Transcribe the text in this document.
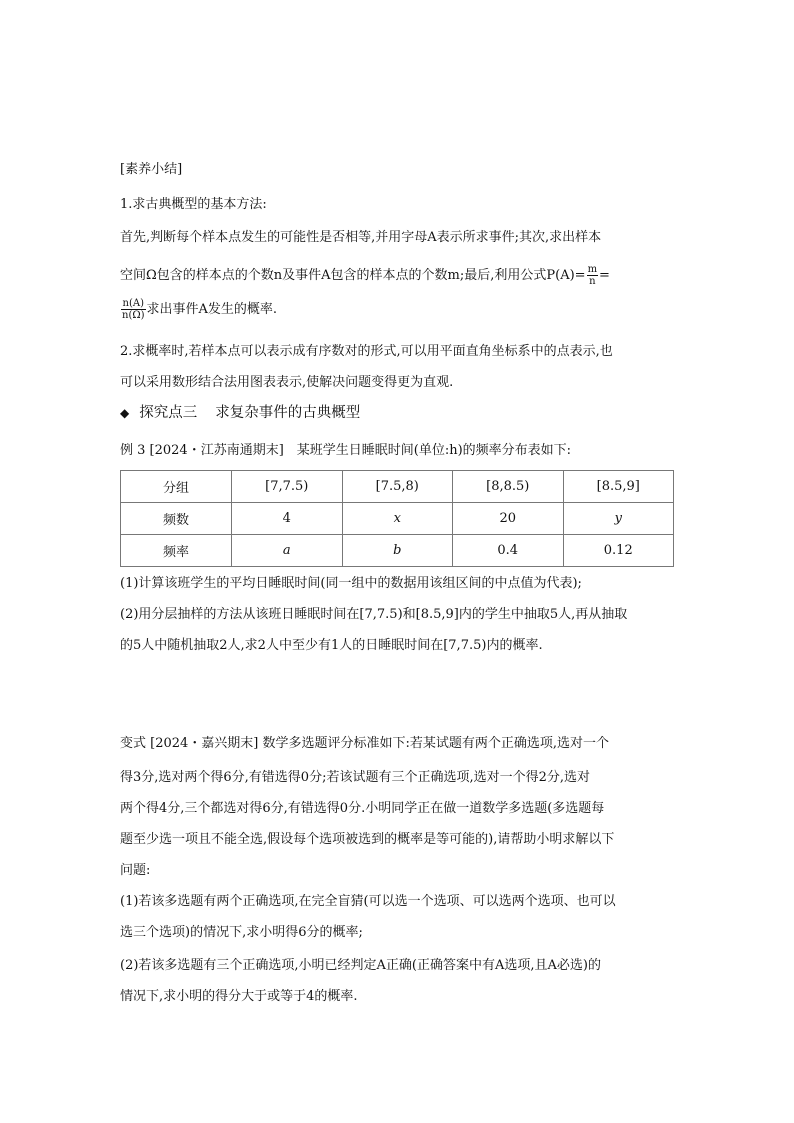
[素养小结]
1.求古典概型的基本方法:
首先,判断每个样本点发生的可能性是否相等,并用字母A表示所求事件;其次,求出样本
空间Ω包含的样本点的个数n及事件A包含的样本点的个数m;最后,利用公式$P(A)= \frac{m}{n}$ =
$\frac{n(A)}{n(\Omega)}$ 求出事件A发生的概率.
2.求概率时,若样本点可以表示成有序数对的形式,可以用平面直角坐标系中的点表示,也
可以采用数形结合法用图表表示,使解决问题变得更为直观.
◆ 探究点三 求复杂事件的古典概型
例 3 [2024・江苏南通期末]　某班学生日睡眠时间(单位:h)的频率分布表如下:
分组	[7,7.5)	[7.5,8)	[8,8.5)	[8.5,9]
频数	4	x	20	y
频率	a	b	0.4	0.12
(1)计算该班学生的平均日睡眠时间(同一组中的数据用该组区间的中点值为代表);
(2)用分层抽样的方法从该班日睡眠时间在[7,7.5)和[8.5,9]内的学生中抽取5人,再从抽取
的5人中随机抽取2人,求2人中至少有1人的日睡眠时间在[7,7.5)内的概率.
变式 [2024・嘉兴期末] 数学多选题评分标准如下:若某试题有两个正确选项,选对一个
得3分,选对两个得6分,有错选得0分;若该试题有三个正确选项,选对一个得2分,选对
两个得4分,三个都选对得6分,有错选得0分.小明同学正在做一道数学多选题(多选题每
题至少选一项且不能全选,假设每个选项被选到的概率是等可能的),请帮助小明求解以下
问题:
(1)若该多选题有两个正确选项,在完全盲猜(可以选一个选项、可以选两个选项、也可以
选三个选项)的情况下,求小明得6分的概率;
(2)若该多选题有三个正确选项,小明已经判定A正确(正确答案中有A选项,且A必选)的
情况下,求小明的得分大于或等于4的概率.
